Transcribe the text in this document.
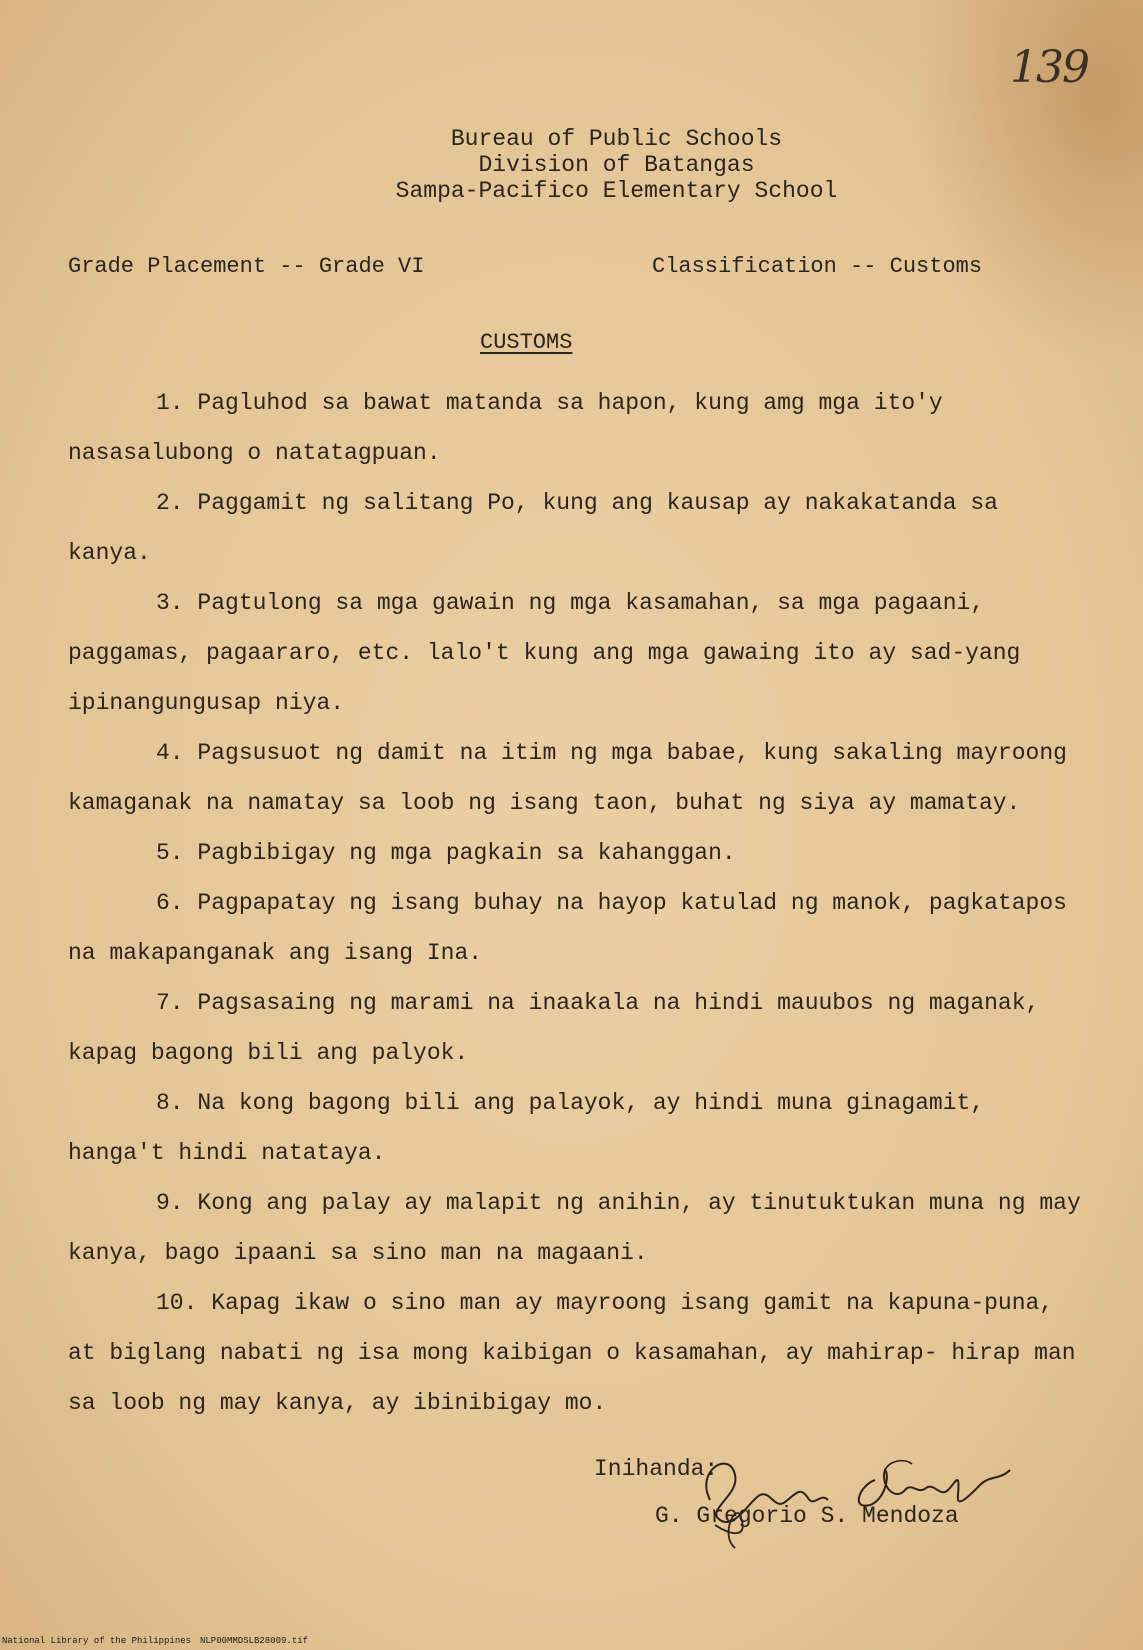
139
Bureau of Public Schools
Division of Batangas
Sampa-Pacifico Elementary School
Grade Placement -- Grade VI	Classification -- Customs
CUSTOMS

1. Pagluhod sa bawat matanda sa hapon, kung amg mga ito'y nasasalubong o natatagpuan.

2. Paggamit ng salitang Po, kung ang kausap ay nakakatanda sa kanya.

3. Pagtulong sa mga gawain ng mga kasamahan, sa mga pagaani, paggamas, pagaararo, etc. lalo't kung ang mga gawaing ito ay sad-yang ipinangungusap niya.

4. Pagsusuot ng damit na itim ng mga babae, kung sakaling mayroong kamaganak na namatay sa loob ng isang taon, buhat ng siya ay mamatay.

5. Pagbibigay ng mga pagkain sa kahanggan.

6. Pagpapatay ng isang buhay na hayop katulad ng manok, pagkatapos na makapanganak ang isang Ina.

7. Pagsasaing ng marami na inaakala na hindi mauubos ng maganak, kapag bagong bili ang palyok.

8. Na kong bagong bili ang palayok, ay hindi muna ginagamit, hanga't hindi natataya.

9. Kong ang palay ay malapit ng anihin, ay tinutuktukan muna ng may kanya, bago ipaani sa sino man na magaani.

10. Kapag ikaw o sino man ay mayroong isang gamit na kapuna-puna, at biglang nabati ng isa mong kaibigan o kasamahan, ay mahirap- hirap man sa loob ng may kanya, ay ibinibigay mo.

Inihanda:
G. Gregorio S. Mendoza
National Library of the Philippines NLP00MMDSLB28009.tif
